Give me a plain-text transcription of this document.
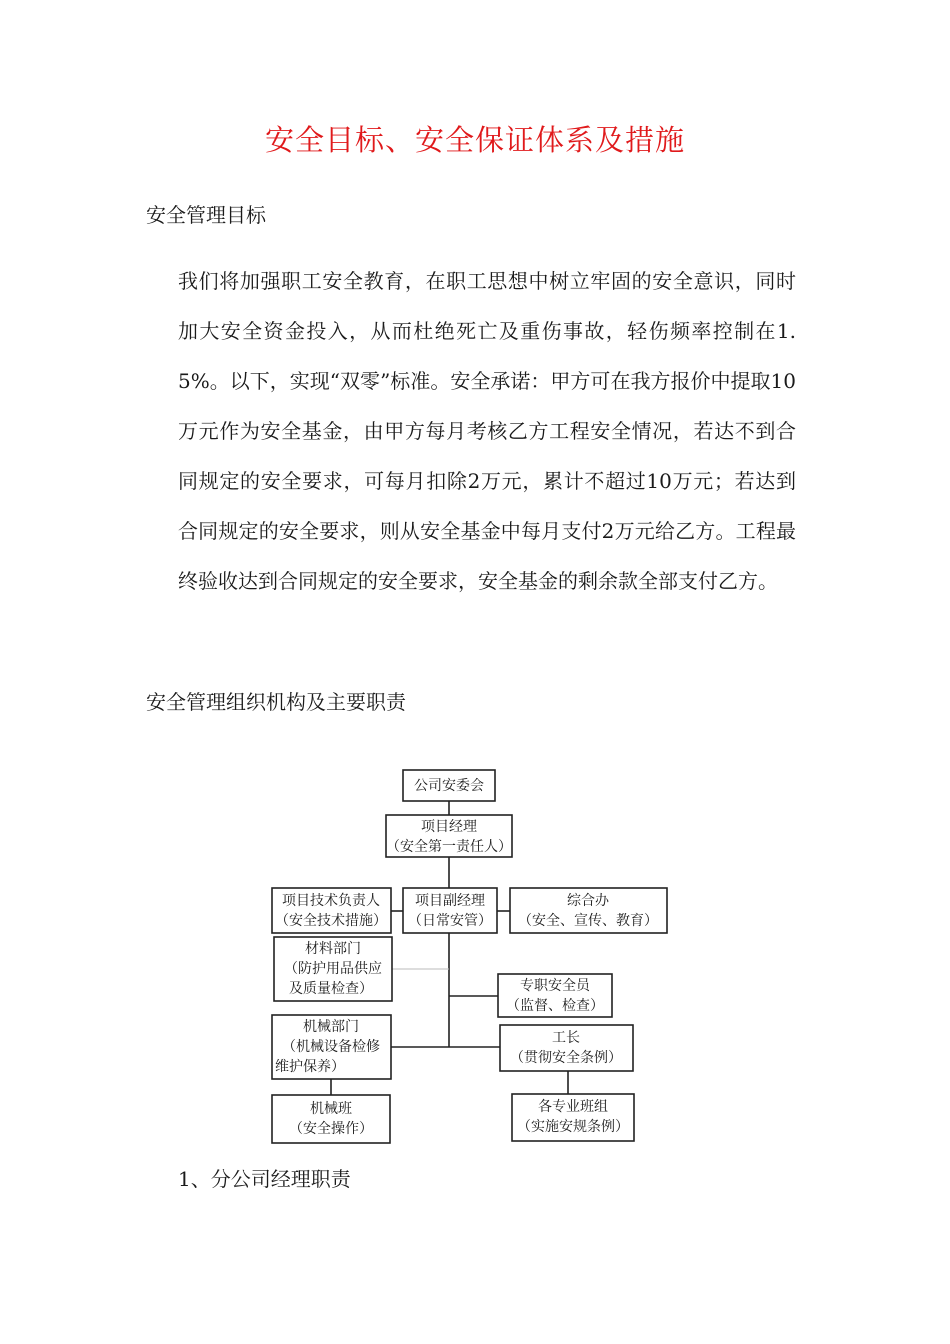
安全目标、安全保证体系及措施
安全管理目标
我们将加强职工安全教育，在职工思想中树立牢固的安全意识，同时加大安全资金投入，从而杜绝死亡及重伤事故，轻伤频率控制在1.5%。以下，实现“双零”标准。安全承诺：甲方可在我方报价中提取10万元作为安全基金，由甲方每月考核乙方工程安全情况，若达不到合同规定的安全要求，可每月扣除2万元，累计不超过10万元；若达到合同规定的安全要求，则从安全基金中每月支付2万元给乙方。工程最终验收达到合同规定的安全要求，安全基金的剩余款全部支付乙方。
安全管理组织机构及主要职责
公司安委会
项目经理
（安全第一责任人）
项目技术负责人
（安全技术措施）
项目副经理
（日常安管）
综合办
（安全、宣传、教育）
材料部门
（防护用品供应
及质量检查）	专职安全员
（监督、检查）
机械部门
（机械设备检修
维护保养）
工长
（贯彻安全条例）
机械班
（安全操作）
各专业班组
（实施安规条例）
1、分公司经理职责
